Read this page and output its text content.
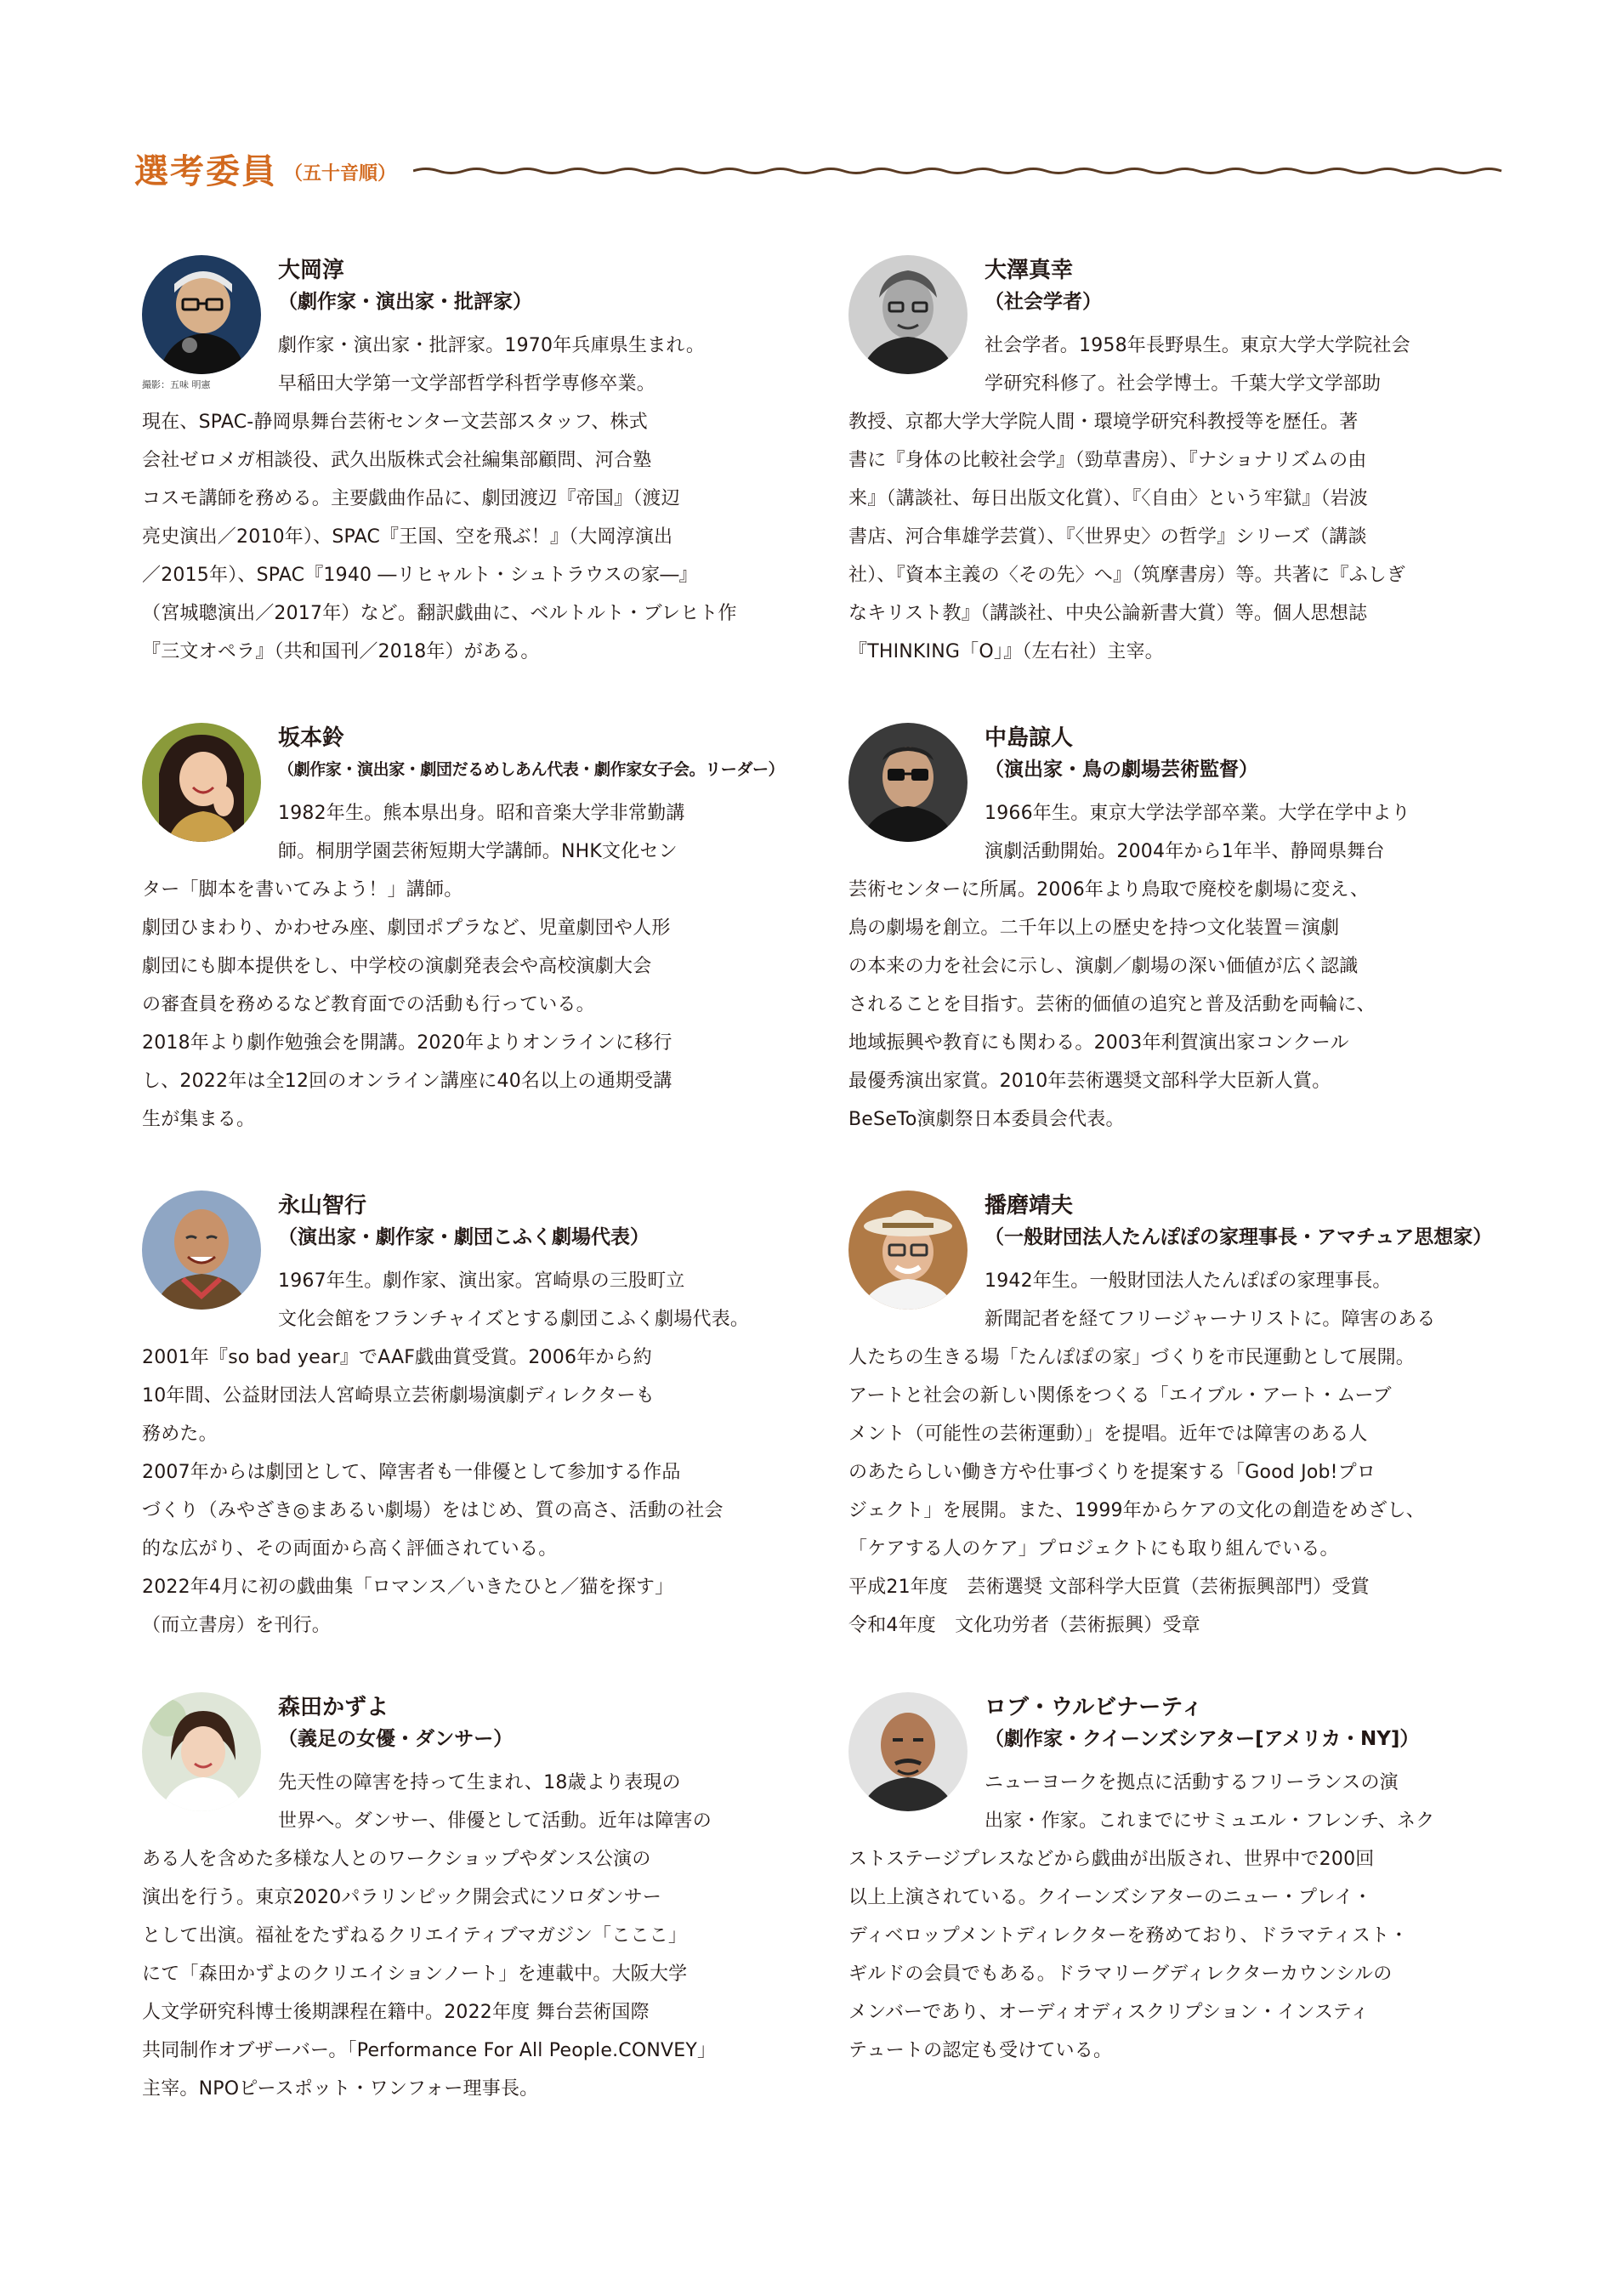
選考委員 （五十音順）
撮影：五味 明憲
大岡淳
（劇作家・演出家・批評家）
劇作家・演出家・批評家。1970年兵庫県生まれ。
早稲田大学第一文学部哲学科哲学専修卒業。
現在、SPAC-静岡県舞台芸術センター文芸部スタッフ、株式
会社ゼロメガ相談役、武久出版株式会社編集部顧問、河合塾
コスモ講師を務める。主要戯曲作品に、劇団渡辺『帝国』（渡辺
亮史演出／2010年）、SPAC『王国、空を飛ぶ！』（大岡淳演出
／2015年）、SPAC『1940 ―リヒャルト・シュトラウスの家―』
（宮城聰演出／2017年）など。翻訳戯曲に、ベルトルト・ブレヒト作
『三文オペラ』（共和国刊／2018年）がある。
大澤真幸
（社会学者）
社会学者。1958年長野県生。東京大学大学院社会
学研究科修了。社会学博士。千葉大学文学部助
教授、京都大学大学院人間・環境学研究科教授等を歴任。著
書に『身体の比較社会学』（勁草書房）、『ナショナリズムの由
来』（講談社、毎日出版文化賞）、『〈自由〉という牢獄』（岩波
書店、河合隼雄学芸賞）、『〈世界史〉の哲学』シリーズ（講談
社）、『資本主義の〈その先〉へ』（筑摩書房）等。共著に『ふしぎ
なキリスト教』（講談社、中央公論新書大賞）等。個人思想誌
『THINKING「O」』（左右社）主宰。
坂本鈴
（劇作家・演出家・劇団だるめしあん代表・劇作家女子会。リーダー）
1982年生。熊本県出身。昭和音楽大学非常勤講
師。桐朋学園芸術短期大学講師。NHK文化セン
ター「脚本を書いてみよう！」講師。
劇団ひまわり、かわせみ座、劇団ポプラなど、児童劇団や人形
劇団にも脚本提供をし、中学校の演劇発表会や高校演劇大会
の審査員を務めるなど教育面での活動も行っている。
2018年より劇作勉強会を開講。2020年よりオンラインに移行
し、2022年は全12回のオンライン講座に40名以上の通期受講
生が集まる。
中島諒人
（演出家・鳥の劇場芸術監督）
1966年生。東京大学法学部卒業。大学在学中より
演劇活動開始。2004年から1年半、静岡県舞台
芸術センターに所属。2006年より鳥取で廃校を劇場に変え、
鳥の劇場を創立。二千年以上の歴史を持つ文化装置＝演劇
の本来の力を社会に示し、演劇／劇場の深い価値が広く認識
されることを目指す。芸術的価値の追究と普及活動を両輪に、
地域振興や教育にも関わる。2003年利賀演出家コンクール
最優秀演出家賞。2010年芸術選奨文部科学大臣新人賞。
BeSeTo演劇祭日本委員会代表。
永山智行
（演出家・劇作家・劇団こふく劇場代表）
1967年生。劇作家、演出家。宮崎県の三股町立
文化会館をフランチャイズとする劇団こふく劇場代表。
2001年『so bad year』でAAF戯曲賞受賞。2006年から約
10年間、公益財団法人宮崎県立芸術劇場演劇ディレクターも
務めた。
2007年からは劇団として、障害者も一俳優として参加する作品
づくり（みやざき◎まあるい劇場）をはじめ、質の高さ、活動の社会
的な広がり、その両面から高く評価されている。
2022年4月に初の戯曲集「ロマンス／いきたひと／猫を探す」
（而立書房）を刊行。
播磨靖夫
（一般財団法人たんぽぽの家理事長・アマチュア思想家）
1942年生。一般財団法人たんぽぽの家理事長。
新聞記者を経てフリージャーナリストに。障害のある
人たちの生きる場「たんぽぽの家」づくりを市民運動として展開。
アートと社会の新しい関係をつくる「エイブル・アート・ムーブ
メント（可能性の芸術運動）」を提唱。近年では障害のある人
のあたらしい働き方や仕事づくりを提案する「Good Job!プロ
ジェクト」を展開。また、1999年からケアの文化の創造をめざし、
「ケアする人のケア」プロジェクトにも取り組んでいる。
平成21年度　芸術選奨 文部科学大臣賞（芸術振興部門）受賞
令和4年度　文化功労者（芸術振興）受章
森田かずよ
（義足の女優・ダンサー）
先天性の障害を持って生まれ、18歳より表現の
世界へ。ダンサー、俳優として活動。近年は障害の
ある人を含めた多様な人とのワークショップやダンス公演の
演出を行う。東京2020パラリンピック開会式にソロダンサー
として出演。福祉をたずねるクリエイティブマガジン「こここ」
にて「森田かずよのクリエイションノート」を連載中。大阪大学
人文学研究科博士後期課程在籍中。2022年度 舞台芸術国際
共同制作オブザーバー。「Performance For All People.CONVEY」
主宰。NPOピースポット・ワンフォー理事長。
ロブ・ウルビナーティ
（劇作家・クイーンズシアター[アメリカ・NY]）
ニューヨークを拠点に活動するフリーランスの演
出家・作家。これまでにサミュエル・フレンチ、ネク
ストステージプレスなどから戯曲が出版され、世界中で200回
以上上演されている。クイーンズシアターのニュー・プレイ・
ディベロップメントディレクターを務めており、ドラマティスト・
ギルドの会員でもある。ドラマリーグディレクターカウンシルの
メンバーであり、オーディオディスクリプション・インスティ
テュートの認定も受けている。
